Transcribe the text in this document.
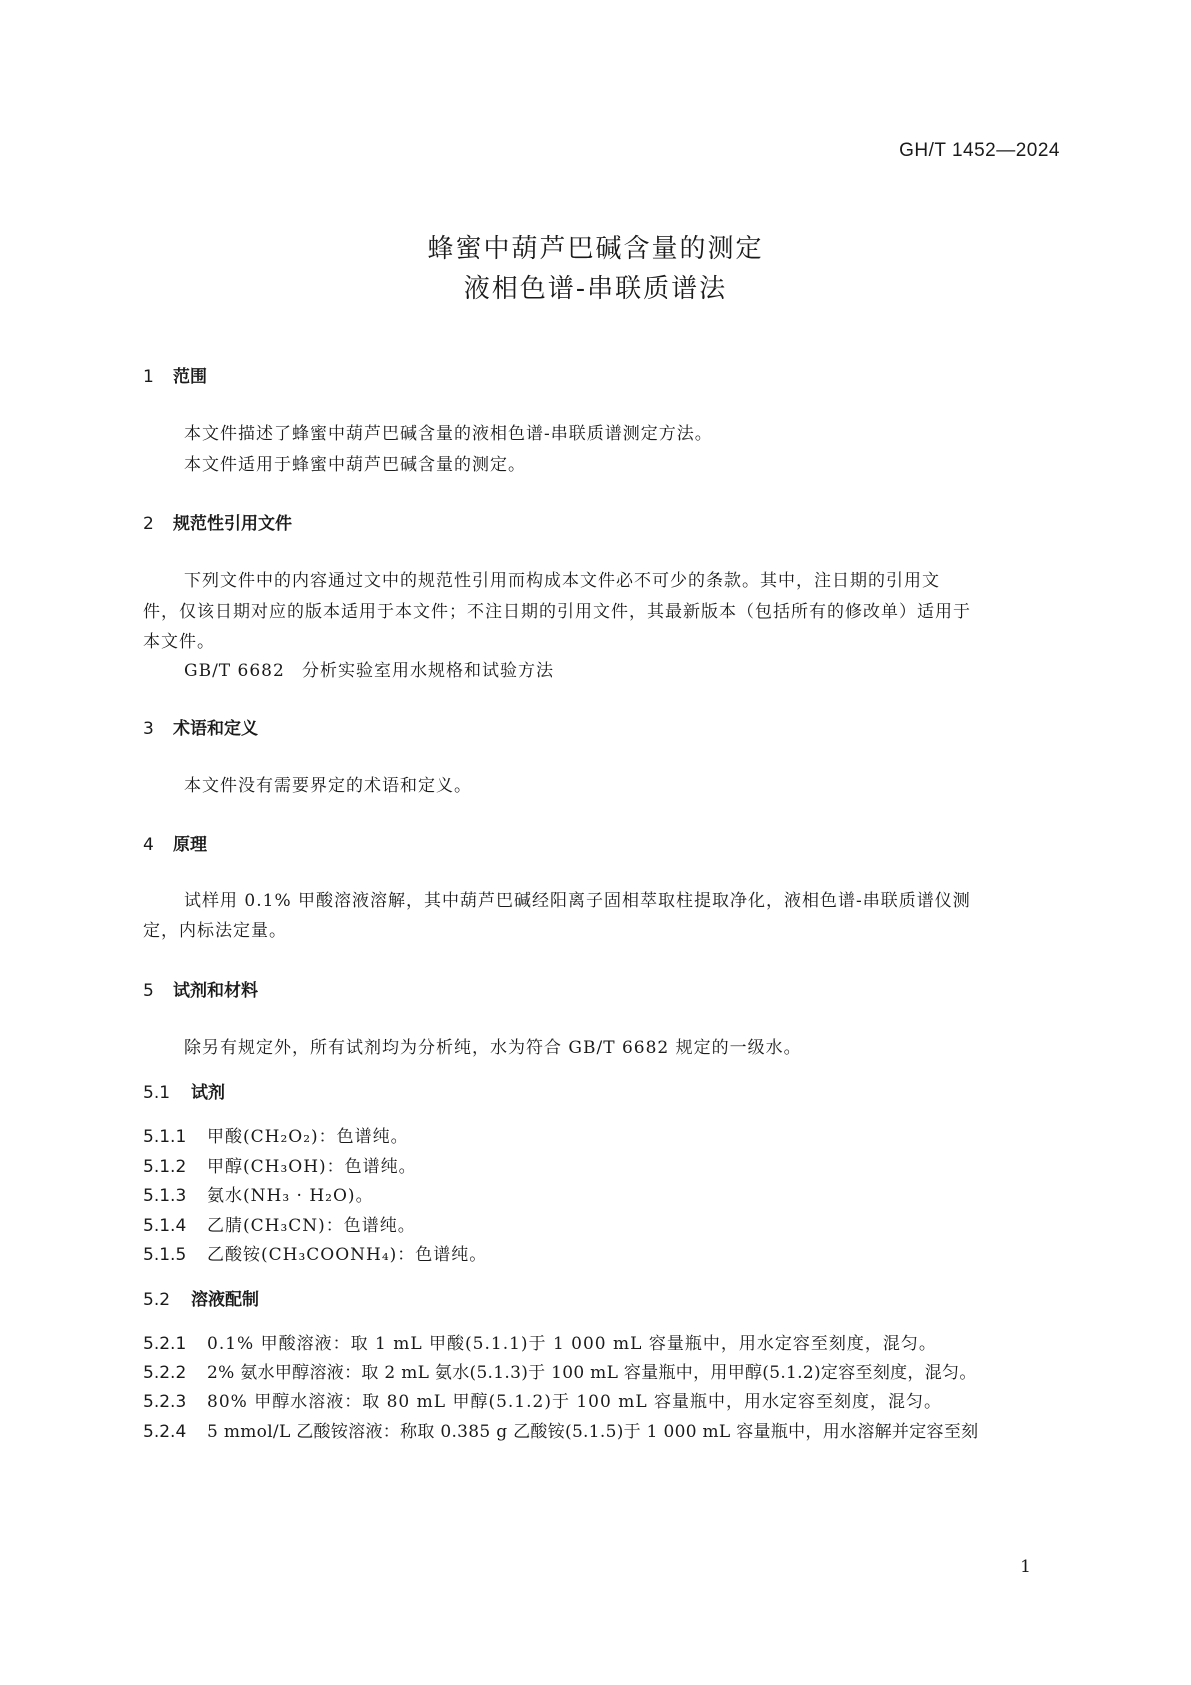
GH/T 1452—2024
蜂蜜中葫芦巴碱含量的测定
液相色谱-串联质谱法
1 范围
本文件描述了蜂蜜中葫芦巴碱含量的液相色谱-串联质谱测定方法。
本文件适用于蜂蜜中葫芦巴碱含量的测定。
2 规范性引用文件
下列文件中的内容通过文中的规范性引用而构成本文件必不可少的条款。其中，注日期的引用文
件，仅该日期对应的版本适用于本文件；不注日期的引用文件，其最新版本（包括所有的修改单）适用于
本文件。
GB/T 6682 分析实验室用水规格和试验方法
3 术语和定义
本文件没有需要界定的术语和定义。
4 原理
试样用 0.1% 甲酸溶液溶解，其中葫芦巴碱经阳离子固相萃取柱提取净化，液相色谱-串联质谱仪测
定，内标法定量。
5 试剂和材料
除另有规定外，所有试剂均为分析纯，水为符合 GB/T 6682 规定的一级水。
5.1 试剂
5.1.1 甲酸(CH₂O₂)：色谱纯。
5.1.2 甲醇(CH₃OH)：色谱纯。
5.1.3 氨水(NH₃ · H₂O)。
5.1.4 乙腈(CH₃CN)：色谱纯。
5.1.5 乙酸铵(CH₃COONH₄)：色谱纯。
5.2 溶液配制
5.2.1 0.1% 甲酸溶液：取 1 mL 甲酸(5.1.1)于 1 000 mL 容量瓶中，用水定容至刻度，混匀。
5.2.2 2% 氨水甲醇溶液：取 2 mL 氨水(5.1.3)于 100 mL 容量瓶中，用甲醇(5.1.2)定容至刻度，混匀。
5.2.3 80% 甲醇水溶液：取 80 mL 甲醇(5.1.2)于 100 mL 容量瓶中，用水定容至刻度，混匀。
5.2.4 5 mmol/L 乙酸铵溶液：称取 0.385 g 乙酸铵(5.1.5)于 1 000 mL 容量瓶中，用水溶解并定容至刻
1
